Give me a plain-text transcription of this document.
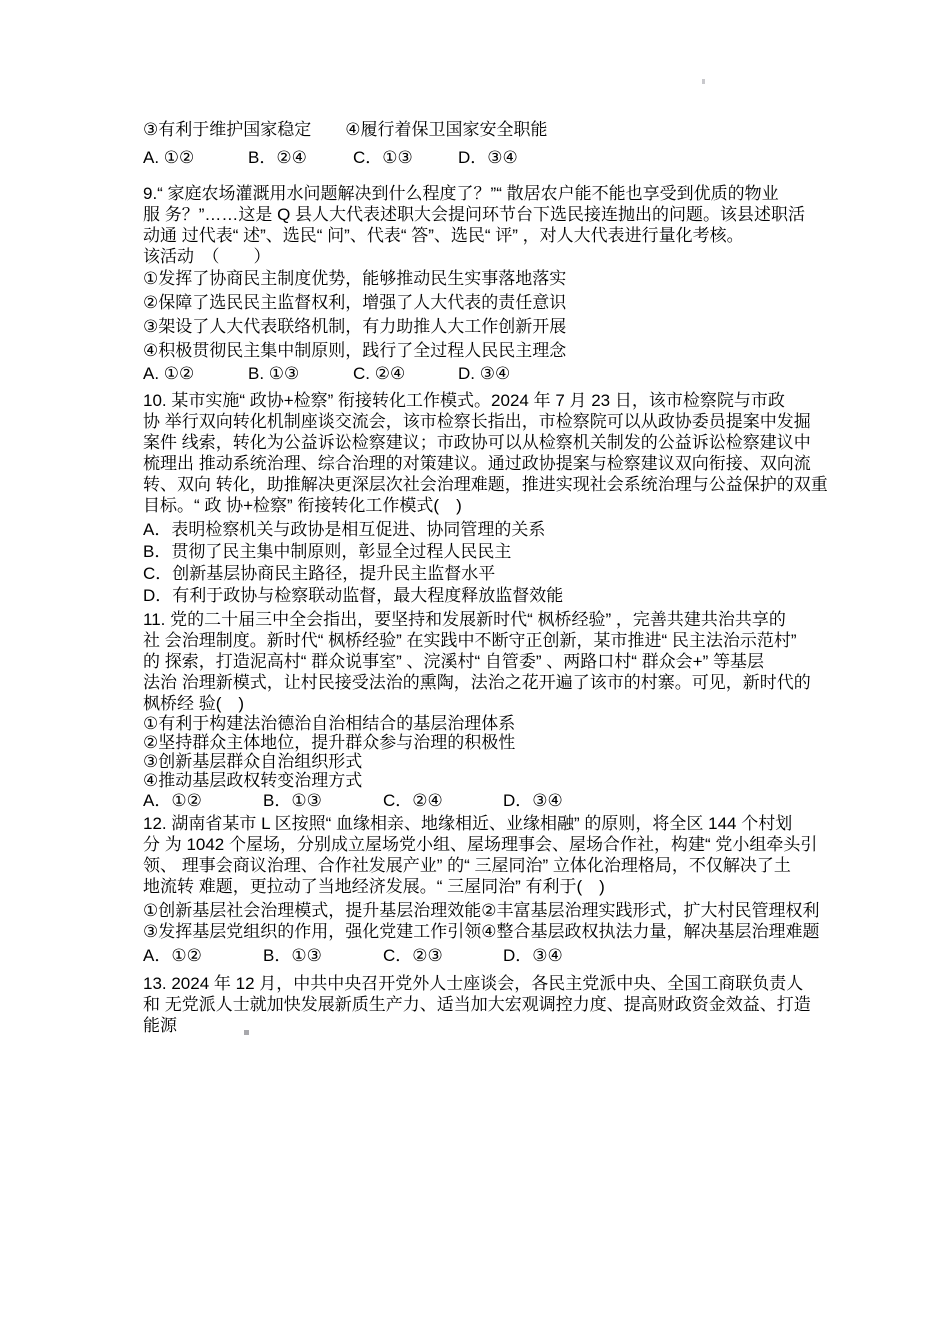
③有利于维护国家稳定　　④履行着保卫国家安全职能
A. ①②	B．②④	C．①③	D．③④
9.“ 家庭农场灌溉用水问题解决到什么程度了？”“ 散居农户能不能也享受到优质的物业
服 务？”……这是 Q 县人大代表述职大会提问环节台下选民接连抛出的问题。该县述职活
动通 过代表“ 述”、选民“ 问”、代表“ 答”、选民“ 评” ，对人大代表进行量化考核。
该活动　（　　）
①发挥了协商民主制度优势，能够推动民生实事落地落实
②保障了选民民主监督权利，增强了人大代表的责任意识
③架设了人大代表联络机制，有力助推人大工作创新开展
④积极贯彻民主集中制原则，践行了全过程人民民主理念
A. ①②	B. ①③	C. ②④	D. ③④
10. 某市实施“ 政协+检察” 衔接转化工作模式。2024 年 7 月 23 日，该市检察院与市政
协 举行双向转化机制座谈交流会，该市检察长指出，市检察院可以从政协委员提案中发掘
案件 线索，转化为公益诉讼检察建议；市政协可以从检察机关制发的公益诉讼检察建议中
梳理出 推动系统治理、综合治理的对策建议。通过政协提案与检察建议双向衔接、双向流
转、双向 转化，助推解决更深层次社会治理难题，推进实现社会系统治理与公益保护的双重
目标。“ 政 协+检察” 衔接转化工作模式(　)
A．表明检察机关与政协是相互促进、协同管理的关系
B．贯彻了民主集中制原则，彰显全过程人民民主
C．创新基层协商民主路径，提升民主监督水平
D．有利于政协与检察联动监督，最大程度释放监督效能
11. 党的二十届三中全会指出，要坚持和发展新时代“ 枫桥经验” ，完善共建共治共享的
社 会治理制度。新时代“ 枫桥经验” 在实践中不断守正创新，某市推进“ 民主法治示范村”
的 探索，打造泥高村“ 群众说事室” 、浣溪村“ 自管委” 、两路口村“ 群众会+” 等基层
法治 治理新模式，让村民接受法治的熏陶，法治之花开遍了该市的村寨。可见，新时代的
枫桥经 验(　)
①有利于构建法治德治自治相结合的基层治理体系
②坚持群众主体地位，提升群众参与治理的积极性
③创新基层群众自治组织形式
④推动基层政权转变治理方式
A．①②	B．①③	C．②④	D．③④
12. 湖南省某市 L 区按照“ 血缘相亲、地缘相近、业缘相融” 的原则，将全区 144 个村划
分 为 1042 个屋场，分别成立屋场党小组、屋场理事会、屋场合作社，构建“ 党小组牵头引
领、 理事会商议治理、合作社发展产业” 的“ 三屋同治” 立体化治理格局，不仅解决了土
地流转 难题，更拉动了当地经济发展。“ 三屋同治” 有利于(　)
①创新基层社会治理模式，提升基层治理效能②丰富基层治理实践形式，扩大村民管理权利
③发挥基层党组织的作用，强化党建工作引领④整合基层政权执法力量，解决基层治理难题
A．①②	B．①③	C．②③	D．③④
13. 2024 年 12 月，中共中央召开党外人士座谈会，各民主党派中央、全国工商联负责人
和 无党派人士就加快发展新质生产力、适当加大宏观调控力度、提高财政资金效益、打造
能源
